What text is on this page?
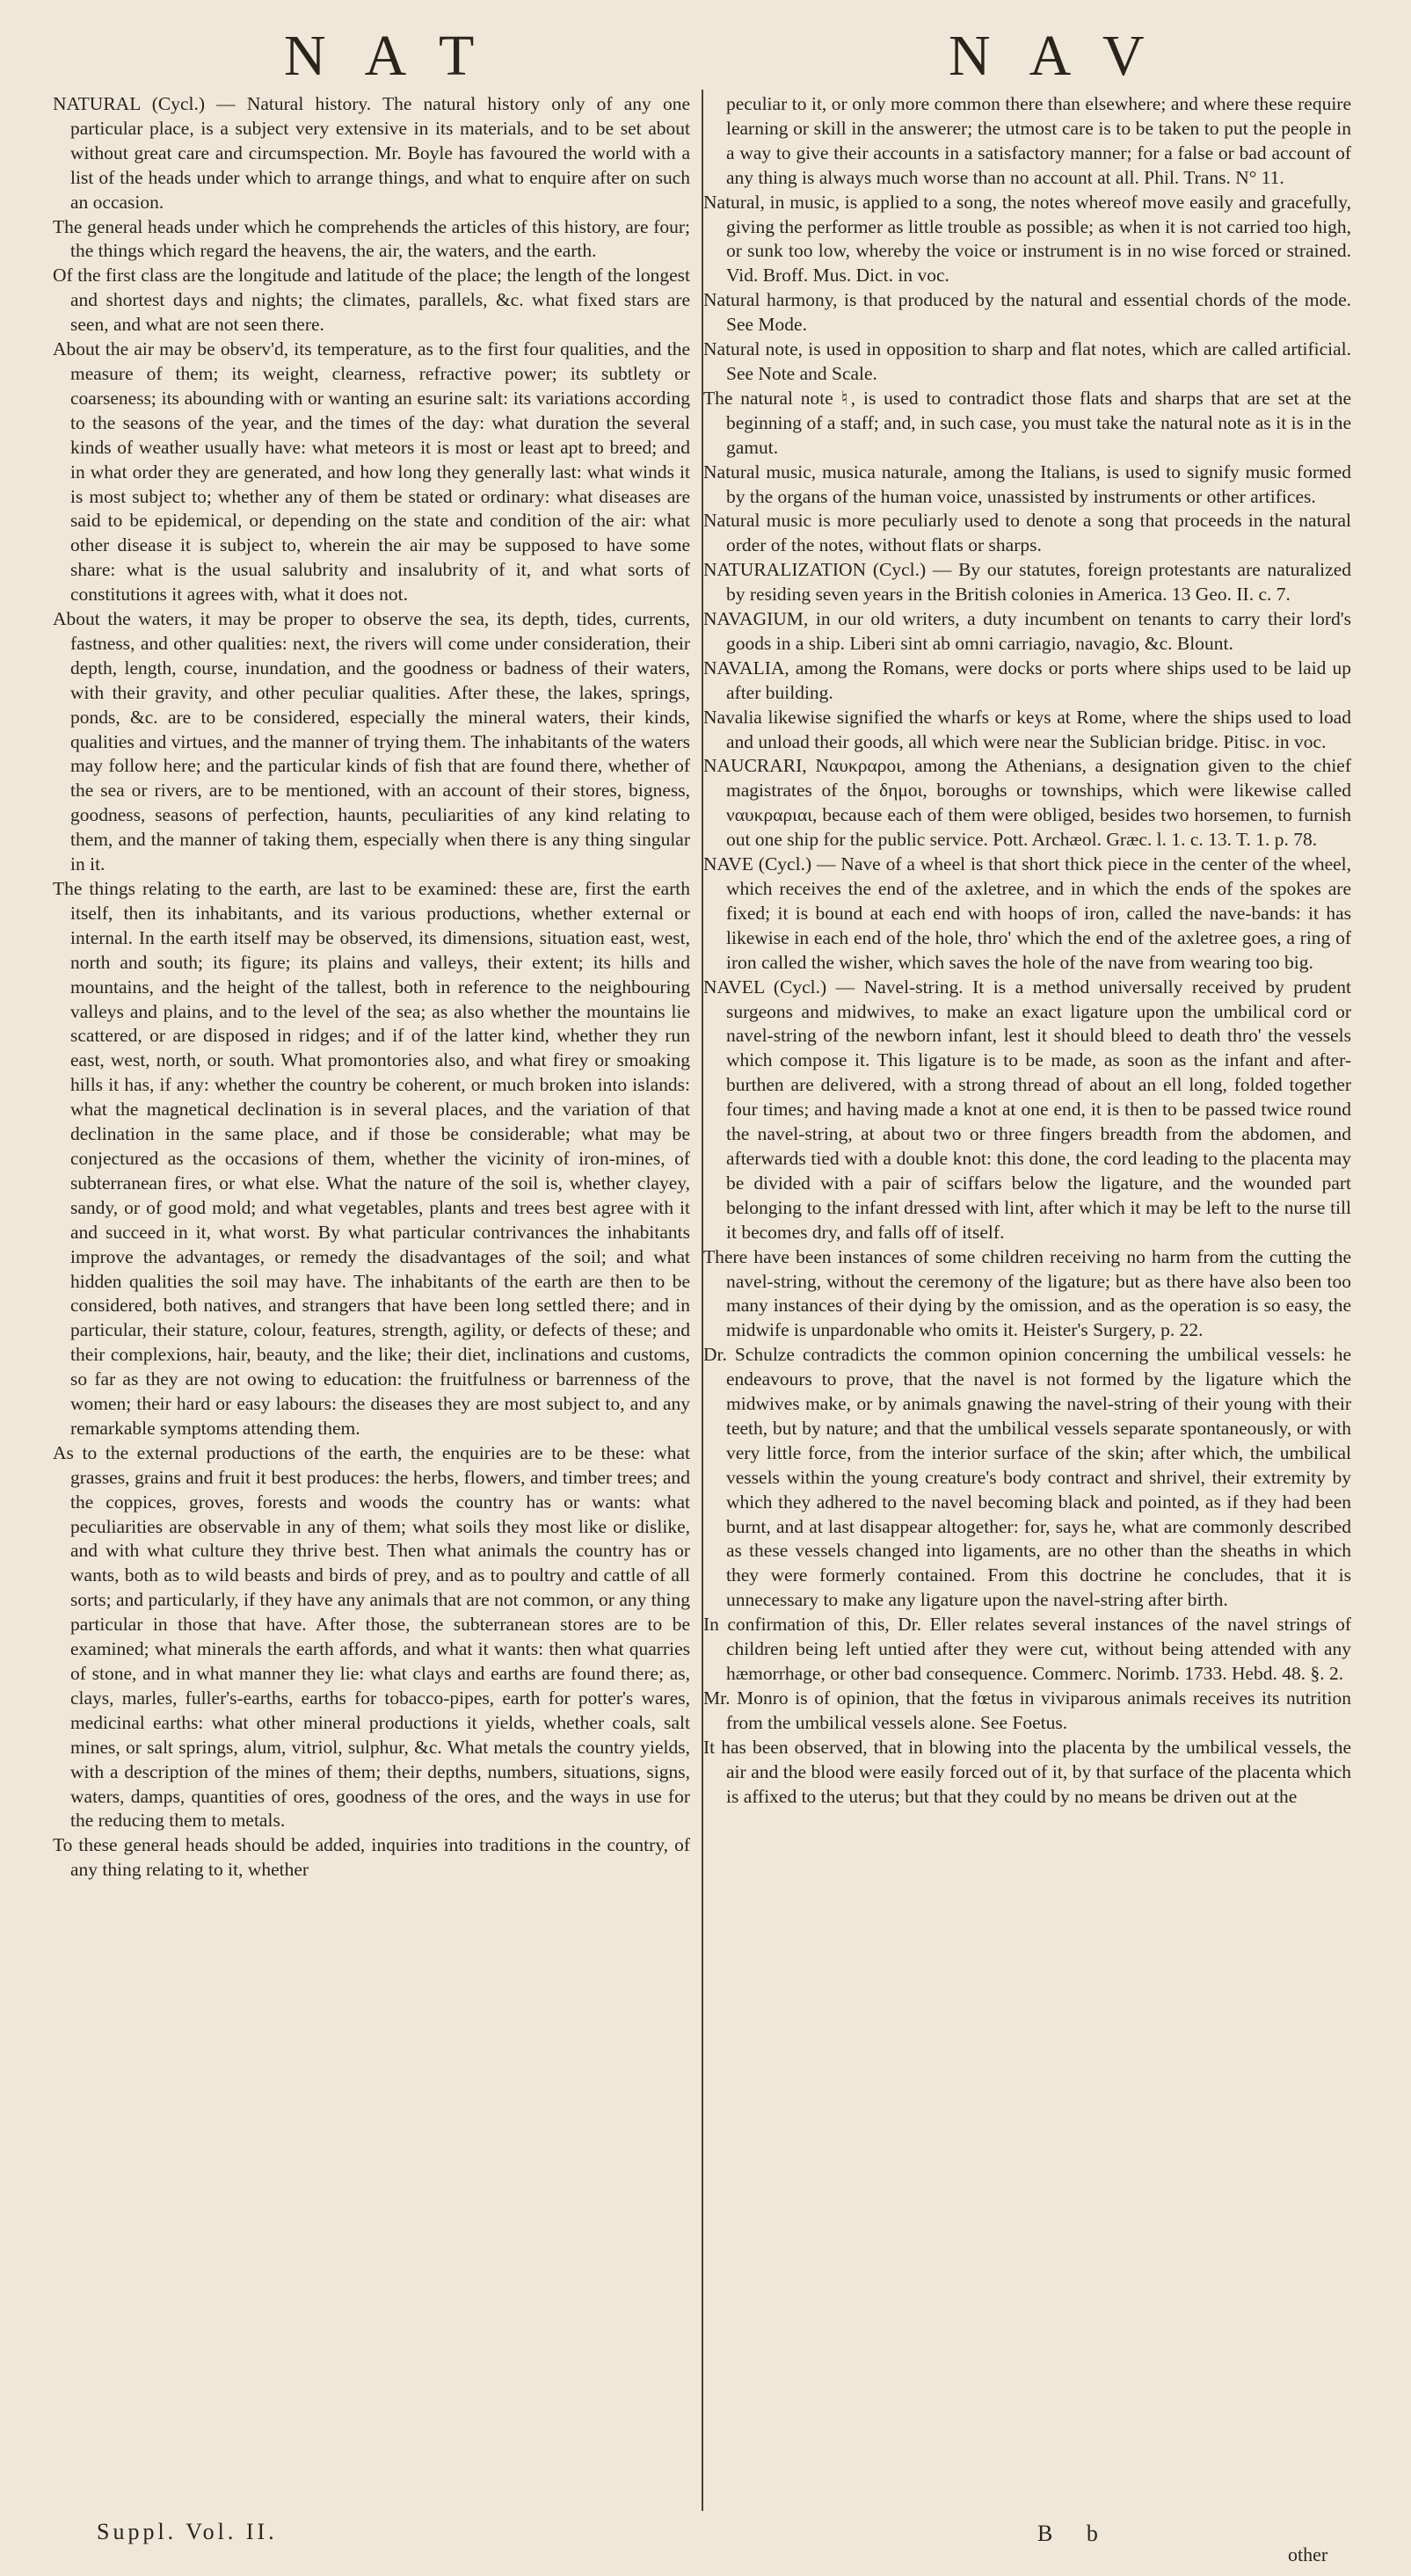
NAT	NAV

NATURAL (Cycl.) — Natural history. The natural history only of any one particular place, is a subject very extensive in its materials, and to be set about without great care and circumspection. Mr. Boyle has favoured the world with a list of the heads under which to arrange things, and what to enquire after on such an occasion.

The general heads under which he comprehends the articles of this history, are four; the things which regard the heavens, the air, the waters, and the earth.

Of the first class are the longitude and latitude of the place; the length of the longest and shortest days and nights; the climates, parallels, &c. what fixed stars are seen, and what are not seen there.

About the air may be observ'd, its temperature, as to the first four qualities, and the measure of them; its weight, clearness, refractive power; its subtlety or coarseness; its abounding with or wanting an esurine salt: its variations according to the seasons of the year, and the times of the day: what duration the several kinds of weather usually have: what meteors it is most or least apt to breed; and in what order they are generated, and how long they generally last: what winds it is most subject to; whether any of them be stated or ordinary: what diseases are said to be epidemical, or depending on the state and condition of the air: what other disease it is subject to, wherein the air may be supposed to have some share: what is the usual salubrity and insalubrity of it, and what sorts of constitutions it agrees with, what it does not.

About the waters, it may be proper to observe the sea, its depth, tides, currents, fastness, and other qualities: next, the rivers will come under consideration, their depth, length, course, inundation, and the goodness or badness of their waters, with their gravity, and other peculiar qualities. After these, the lakes, springs, ponds, &c. are to be considered, especially the mineral waters, their kinds, qualities and virtues, and the manner of trying them. The inhabitants of the waters may follow here; and the particular kinds of fish that are found there, whether of the sea or rivers, are to be mentioned, with an account of their stores, bigness, goodness, seasons of perfection, haunts, peculiarities of any kind relating to them, and the manner of taking them, especially when there is any thing singular in it.

The things relating to the earth, are last to be examined: these are, first the earth itself, then its inhabitants, and its various productions, whether external or internal. In the earth itself may be observed, its dimensions, situation east, west, north and south; its figure; its plains and valleys, their extent; its hills and mountains, and the height of the tallest, both in reference to the neighbouring valleys and plains, and to the level of the sea; as also whether the mountains lie scattered, or are disposed in ridges; and if of the latter kind, whether they run east, west, north, or south. What promontories also, and what firey or smoaking hills it has, if any: whether the country be coherent, or much broken into islands: what the magnetical declination is in several places, and the variation of that declination in the same place, and if those be considerable; what may be conjectured as the occasions of them, whether the vicinity of iron-mines, of subterranean fires, or what else. What the nature of the soil is, whether clayey, sandy, or of good mold; and what vegetables, plants and trees best agree with it and succeed in it, what worst. By what particular contrivances the inhabitants improve the advantages, or remedy the disadvantages of the soil; and what hidden qualities the soil may have. The inhabitants of the earth are then to be considered, both natives, and strangers that have been long settled there; and in particular, their stature, colour, features, strength, agility, or defects of these; and their complexions, hair, beauty, and the like; their diet, inclinations and customs, so far as they are not owing to education: the fruitfulness or barrenness of the women; their hard or easy labours: the diseases they are most subject to, and any remarkable symptoms attending them.

As to the external productions of the earth, the enquiries are to be these: what grasses, grains and fruit it best produces: the herbs, flowers, and timber trees; and the coppices, groves, forests and woods the country has or wants: what peculiarities are observable in any of them; what soils they most like or dislike, and with what culture they thrive best. Then what animals the country has or wants, both as to wild beasts and birds of prey, and as to poultry and cattle of all sorts; and particularly, if they have any animals that are not common, or any thing particular in those that have. After those, the subterranean stores are to be examined; what minerals the earth affords, and what it wants: then what quarries of stone, and in what manner they lie: what clays and earths are found there; as, clays, marles, fuller's-earths, earths for tobacco-pipes, earth for potter's wares, medicinal earths: what other mineral productions it yields, whether coals, salt mines, or salt springs, alum, vitriol, sulphur, &c. What metals the country yields, with a description of the mines of them; their depths, numbers, situations, signs, waters, damps, quantities of ores, goodness of the ores, and the ways in use for the reducing them to metals.

To these general heads should be added, inquiries into traditions in the country, of any thing relating to it, whether

peculiar to it, or only more common there than elsewhere; and where these require learning or skill in the answerer; the utmost care is to be taken to put the people in a way to give their accounts in a satisfactory manner; for a false or bad account of any thing is always much worse than no account at all. Phil. Trans. N° 11.

Natural, in music, is applied to a song, the notes whereof move easily and gracefully, giving the performer as little trouble as possible; as when it is not carried too high, or sunk too low, whereby the voice or instrument is in no wise forced or strained. Vid. Broff. Mus. Dict. in voc.

Natural harmony, is that produced by the natural and essential chords of the mode. See Mode.

Natural note, is used in opposition to sharp and flat notes, which are called artificial. See Note and Scale.

The natural note ♮, is used to contradict those flats and sharps that are set at the beginning of a staff; and, in such case, you must take the natural note as it is in the gamut.

Natural music, musica naturale, among the Italians, is used to signify music formed by the organs of the human voice, unassisted by instruments or other artifices.

Natural music is more peculiarly used to denote a song that proceeds in the natural order of the notes, without flats or sharps.

NATURALIZATION (Cycl.) — By our statutes, foreign protestants are naturalized by residing seven years in the British colonies in America. 13 Geo. II. c. 7.

NAVAGIUM, in our old writers, a duty incumbent on tenants to carry their lord's goods in a ship. Liberi sint ab omni carriagio, navagio, &c. Blount.

NAVALIA, among the Romans, were docks or ports where ships used to be laid up after building.

Navalia likewise signified the wharfs or keys at Rome, where the ships used to load and unload their goods, all which were near the Sublician bridge. Pitisc. in voc.

NAUCRARI, Ναυκραροι, among the Athenians, a designation given to the chief magistrates of the δημοι, boroughs or townships, which were likewise called ναυκραριαι, because each of them were obliged, besides two horsemen, to furnish out one ship for the public service. Pott. Archæol. Græc. l. 1. c. 13. T. 1. p. 78.

NAVE (Cycl.) — Nave of a wheel is that short thick piece in the center of the wheel, which receives the end of the axletree, and in which the ends of the spokes are fixed; it is bound at each end with hoops of iron, called the nave-bands: it has likewise in each end of the hole, thro' which the end of the axletree goes, a ring of iron called the wisher, which saves the hole of the nave from wearing too big.

NAVEL (Cycl.) — Navel-string. It is a method universally received by prudent surgeons and midwives, to make an exact ligature upon the umbilical cord or navel-string of the newborn infant, lest it should bleed to death thro' the vessels which compose it. This ligature is to be made, as soon as the infant and after-burthen are delivered, with a strong thread of about an ell long, folded together four times; and having made a knot at one end, it is then to be passed twice round the navel-string, at about two or three fingers breadth from the abdomen, and afterwards tied with a double knot: this done, the cord leading to the placenta may be divided with a pair of sciffars below the ligature, and the wounded part belonging to the infant dressed with lint, after which it may be left to the nurse till it becomes dry, and falls off of itself.

There have been instances of some children receiving no harm from the cutting the navel-string, without the ceremony of the ligature; but as there have also been too many instances of their dying by the omission, and as the operation is so easy, the midwife is unpardonable who omits it. Heister's Surgery, p. 22.

Dr. Schulze contradicts the common opinion concerning the umbilical vessels: he endeavours to prove, that the navel is not formed by the ligature which the midwives make, or by animals gnawing the navel-string of their young with their teeth, but by nature; and that the umbilical vessels separate spontaneously, or with very little force, from the interior surface of the skin; after which, the umbilical vessels within the young creature's body contract and shrivel, their extremity by which they adhered to the navel becoming black and pointed, as if they had been burnt, and at last disappear altogether: for, says he, what are commonly described as these vessels changed into ligaments, are no other than the sheaths in which they were formerly contained. From this doctrine he concludes, that it is unnecessary to make any ligature upon the navel-string after birth.

In confirmation of this, Dr. Eller relates several instances of the navel strings of children being left untied after they were cut, without being attended with any hæmorrhage, or other bad consequence. Commerc. Norimb. 1733. Hebd. 48. §. 2.

Mr. Monro is of opinion, that the fœtus in viviparous animals receives its nutrition from the umbilical vessels alone. See Foetus.

It has been observed, that in blowing into the placenta by the umbilical vessels, the air and the blood were easily forced out of it, by that surface of the placenta which is affixed to the uterus; but that they could by no means be driven out at the

Suppl. Vol. II.	B b
other
